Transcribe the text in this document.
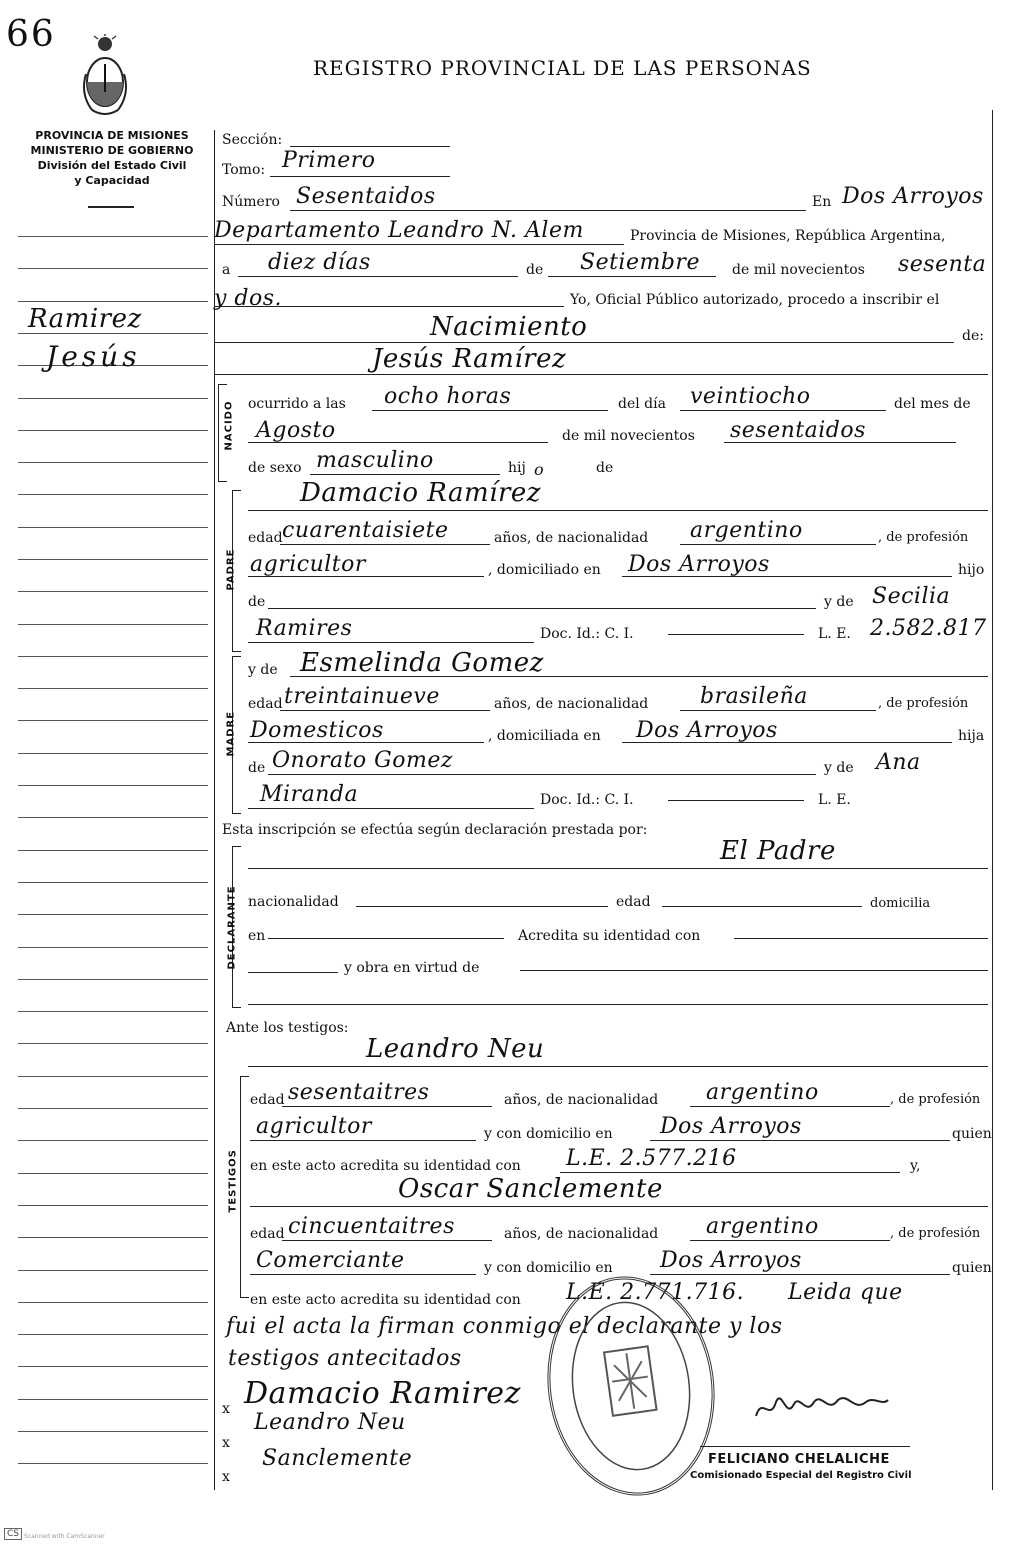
66
REGISTRO PROVINCIAL DE LAS PERSONAS
PROVINCIA DE MISIONES
MINISTERIO DE GOBIERNO
División del Estado Civil
y Capacidad
Ramirez
Jesús
Sección:
Tomo: Primero
Número Sesentaidos	En Dos Arroyos
Departamento Leandro N. Alem	Provincia de Misiones, República Argentina,
a diez días	de Setiembre de mil novecientos sesenta
y dos.	Yo, Oficial Público autorizado, procedo a inscribir el
Nacimiento	de:
Jesús Ramírez
NACIDO ocurrido a las ocho horas	del día veintiocho	del mes de
Agosto	de mil novecientos sesentaidos
de sexo masculino	hij o	de
PADRE
Damacio Ramírez
edad cuarentaisiete	años, de nacionalidad argentino	, de profesión
agricultor	, domiciliado en Dos Arroyos	hijo
de	y de Secilia
Ramires	Doc. Id.: C. I.	L. E. 2.582.817
MADRE
y de Esmelinda Gomez
edad treintainueve	años, de nacionalidad brasileña	, de profesión
Domesticos	, domiciliada en Dos Arroyos	hija
de Onorato Gomez	y de Ana
Miranda	Doc. Id.: C. I.	L. E.
Esta inscripción se efectúa según declaración prestada por:
El Padre
DECLARANTE nacionalidad	edad	domicilia
en	Acredita su identidad con
y obra en virtud de
Ante los testigos:
Leandro Neu
TESTIGOS
edad sesentaitres	años, de nacionalidad argentino	, de profesión
agricultor	y con domicilio en Dos Arroyos	quien
en este acto acredita su identidad con L.E. 2.577.216	y,
Oscar Sanclemente
edad cincuentaitres	años, de nacionalidad argentino	, de profesión
Comerciante	y con domicilio en Dos Arroyos	quien
en este acto acredita su identidad con L.E. 2.771.716. Leida que
fui el acta la firman conmigo el declarante y los
testigos antecitados
Damacio Ramirez
Leandro Neu
Sanclemente
x
x
x
FELICIANO CHELALICHE
Comisionado Especial del Registro Civil
CS Scanned with CamScanner
